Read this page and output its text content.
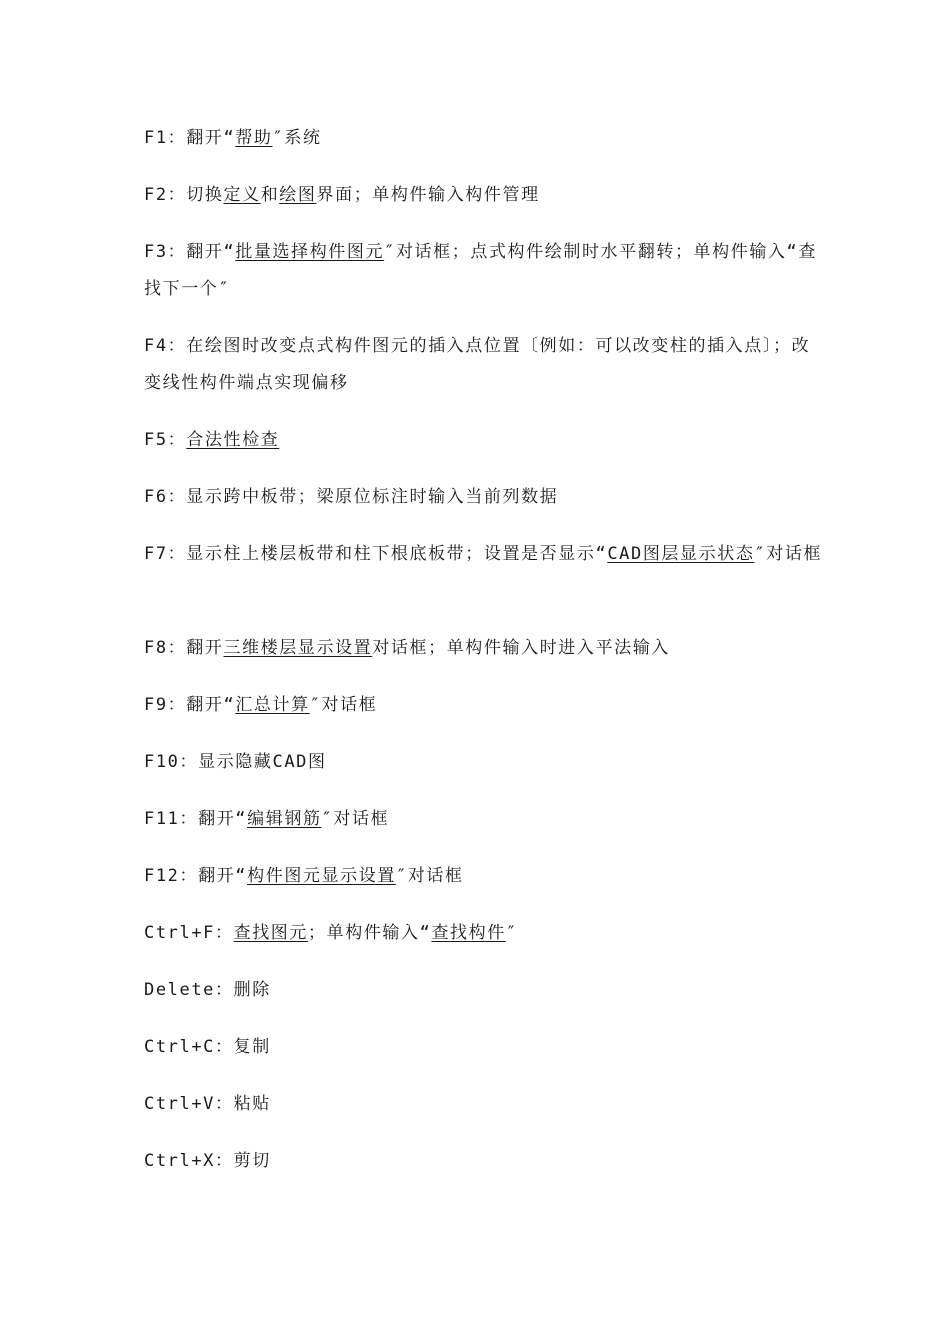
F1：翻开“帮助″系统

F2：切换定义和绘图界面；单构件输入构件管理

F3：翻开“批量选择构件图元″对话框；点式构件绘制时水平翻转；单构件输入“查找下一个″

F4：在绘图时改变点式构件图元的插入点位置〔例如：可以改变柱的插入点〕；改变线性构件端点实现偏移

F5：合法性检查

F6：显示跨中板带；梁原位标注时输入当前列数据

F7：显示柱上楼层板带和柱下根底板带；设置是否显示“CAD图层显示状态″对话框

F8：翻开三维楼层显示设置对话框；单构件输入时进入平法输入

F9：翻开“汇总计算″对话框

F10：显示隐藏CAD图

F11：翻开“编辑钢筋″对话框

F12：翻开“构件图元显示设置″对话框

Ctrl+F：查找图元；单构件输入“查找构件″

Delete：删除

Ctrl+C：复制

Ctrl+V：粘贴

Ctrl+X：剪切
